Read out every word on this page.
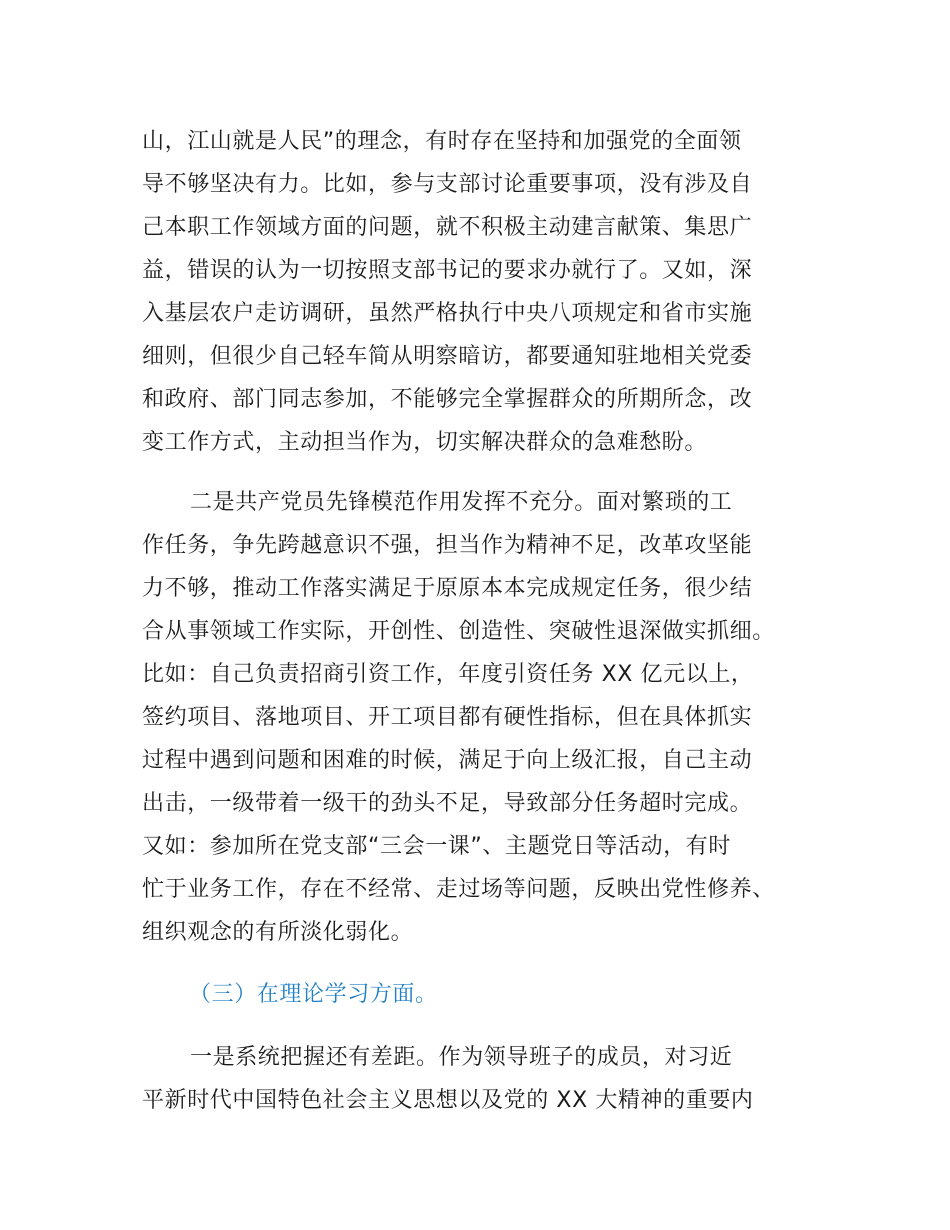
山，江山就是人民”的理念，有时存在坚持和加强党的全面领
导不够坚决有力。比如，参与支部讨论重要事项，没有涉及自
己本职工作领域方面的问题，就不积极主动建言献策、集思广
益，错误的认为一切按照支部书记的要求办就行了。又如，深
入基层农户走访调研，虽然严格执行中央八项规定和省市实施
细则，但很少自己轻车简从明察暗访，都要通知驻地相关党委
和政府、部门同志参加，不能够完全掌握群众的所期所念，改
变工作方式，主动担当作为，切实解决群众的急难愁盼。
二是共产党员先锋模范作用发挥不充分。面对繁琐的工
作任务，争先跨越意识不强，担当作为精神不足，改革攻坚能
力不够，推动工作落实满足于原原本本完成规定任务，很少结
合从事领域工作实际，开创性、创造性、突破性退深做实抓细。
比如：自己负责招商引资工作，年度引资任务 XX 亿元以上，
签约项目、落地项目、开工项目都有硬性指标，但在具体抓实
过程中遇到问题和困难的时候，满足于向上级汇报，自己主动
出击，一级带着一级干的劲头不足，导致部分任务超时完成。
又如：参加所在党支部“三会一课”、主题党日等活动，有时
忙于业务工作，存在不经常、走过场等问题，反映出党性修养、
组织观念的有所淡化弱化。
（三）在理论学习方面。
一是系统把握还有差距。作为领导班子的成员，对习近
平新时代中国特色社会主义思想以及党的 XX 大精神的重要内
